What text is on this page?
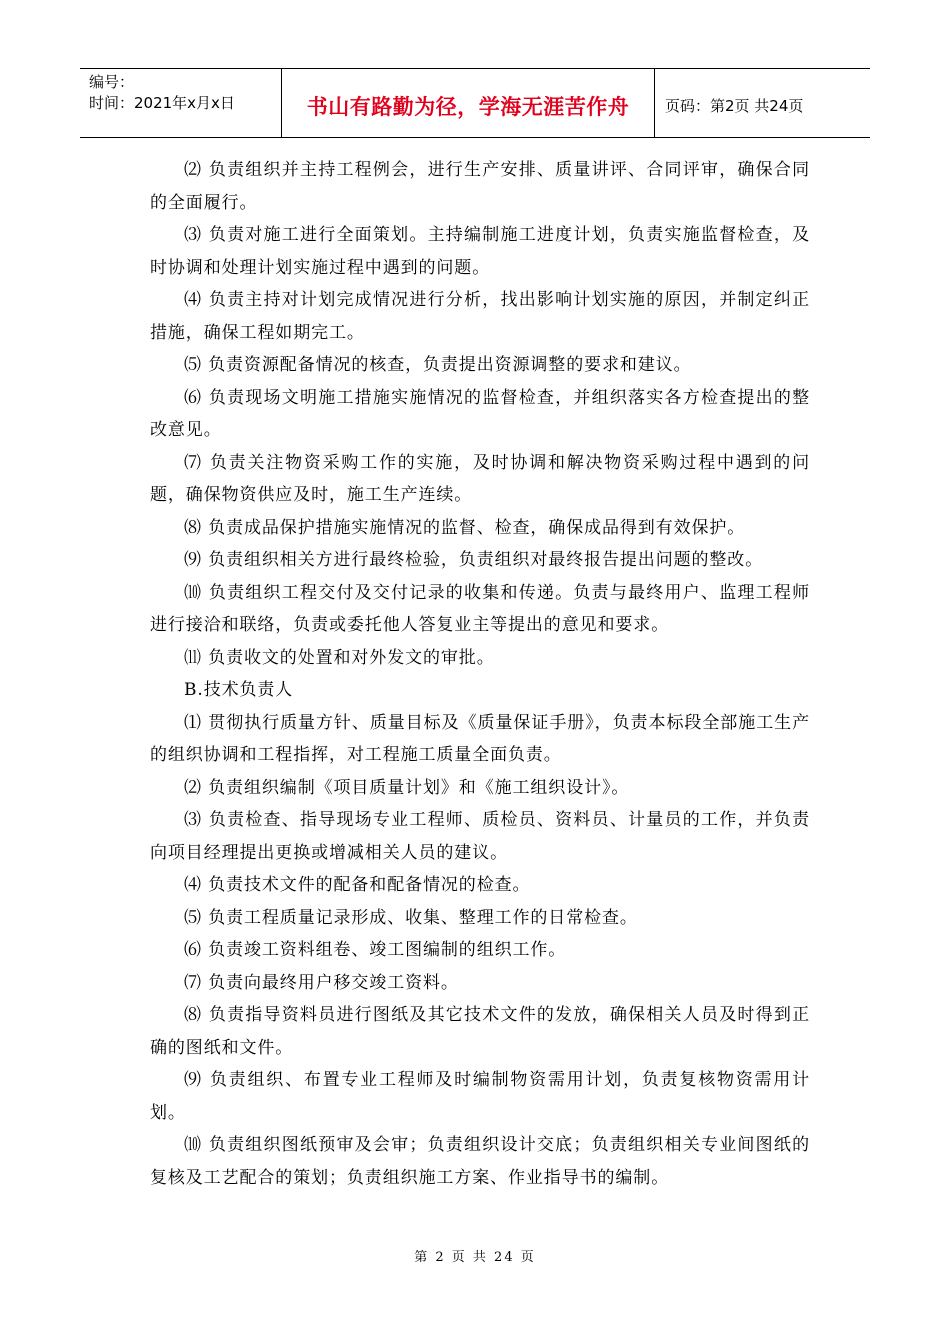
编号：
时间：2021年x月x日	书山有路勤为径，学海无涯苦作舟	页码：第2页 共24页

⑵ 负责组织并主持工程例会，进行生产安排、质量讲评、合同评审，确保合同的全面履行。

⑶ 负责对施工进行全面策划。主持编制施工进度计划，负责实施监督检查，及时协调和处理计划实施过程中遇到的问题。

⑷ 负责主持对计划完成情况进行分析，找出影响计划实施的原因，并制定纠正措施，确保工程如期完工。

⑸ 负责资源配备情况的核查，负责提出资源调整的要求和建议。

⑹ 负责现场文明施工措施实施情况的监督检查，并组织落实各方检查提出的整改意见。

⑺ 负责关注物资采购工作的实施，及时协调和解决物资采购过程中遇到的问题，确保物资供应及时，施工生产连续。

⑻ 负责成品保护措施实施情况的监督、检查，确保成品得到有效保护。

⑼ 负责组织相关方进行最终检验，负责组织对最终报告提出问题的整改。

⑽ 负责组织工程交付及交付记录的收集和传递。负责与最终用户、监理工程师进行接洽和联络，负责或委托他人答复业主等提出的意见和要求。

⑾ 负责收文的处置和对外发文的审批。

B.技术负责人

⑴ 贯彻执行质量方针、质量目标及《质量保证手册》，负责本标段全部施工生产的组织协调和工程指挥，对工程施工质量全面负责。

⑵ 负责组织编制《项目质量计划》和《施工组织设计》。

⑶ 负责检查、指导现场专业工程师、质检员、资料员、计量员的工作，并负责向项目经理提出更换或增减相关人员的建议。

⑷ 负责技术文件的配备和配备情况的检查。

⑸ 负责工程质量记录形成、收集、整理工作的日常检查。

⑹ 负责竣工资料组卷、竣工图编制的组织工作。

⑺ 负责向最终用户移交竣工资料。

⑻ 负责指导资料员进行图纸及其它技术文件的发放，确保相关人员及时得到正确的图纸和文件。

⑼ 负责组织、布置专业工程师及时编制物资需用计划，负责复核物资需用计划。

⑽ 负责组织图纸预审及会审；负责组织设计交底；负责组织相关专业间图纸的复核及工艺配合的策划；负责组织施工方案、作业指导书的编制。

第 2 页 共 24 页
